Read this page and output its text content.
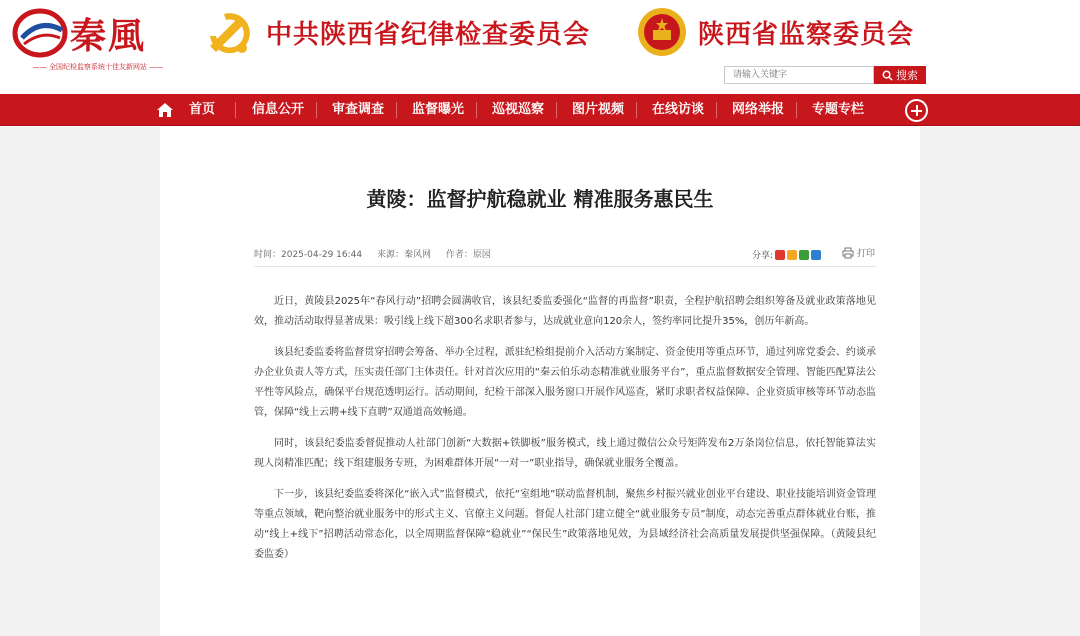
秦風
—— 全国纪检监察系统十佳友新网站 ——
中共陕西省纪律检查委员会	陕西省监察委员会
请输入关键字
搜索
首页	信息公开 审查调查 监督曝光 巡视巡察 图片视频 在线访谈 网络举报 专题专栏
黄陵：监督护航稳就业 精准服务惠民生
时间：2025-04-29 16:44 来源：秦风网 作者：原园	分享:	打印

近日，黄陵县2025年“春风行动”招聘会圆满收官，该县纪委监委强化“监督的再监督”职责，全程护航招聘会组织筹备及就业政策落地见效，推动活动取得显著成果：吸引线上线下超300名求职者参与，达成就业意向120余人，签约率同比提升35%，创历年新高。

该县纪委监委将监督贯穿招聘会筹备、举办全过程，派驻纪检组提前介入活动方案制定、资金使用等重点环节，通过列席党委会、约谈承办企业负责人等方式，压实责任部门主体责任。针对首次应用的“秦云伯乐动态精准就业服务平台”，重点监督数据安全管理、智能匹配算法公平性等风险点，确保平台规范透明运行。活动期间，纪检干部深入服务窗口开展作风巡查，紧盯求职者权益保障、企业资质审核等环节动态监管，保障“线上云聘+线下直聘”双通道高效畅通。

同时，该县纪委监委督促推动人社部门创新“大数据+铁脚板”服务模式，线上通过微信公众号矩阵发布2万条岗位信息，依托智能算法实现人岗精准匹配；线下组建服务专班，为困难群体开展“一对一”职业指导，确保就业服务全覆盖。

下一步，该县纪委监委将深化“嵌入式”监督模式，依托“室组地”联动监督机制，聚焦乡村振兴就业创业平台建设、职业技能培训资金管理等重点领域，靶向整治就业服务中的形式主义、官僚主义问题。督促人社部门建立健全“就业服务专员”制度，动态完善重点群体就业台账，推动“线上+线下”招聘活动常态化，以全周期监督保障“稳就业”“保民生”政策落地见效，为县域经济社会高质量发展提供坚强保障。（黄陵县纪委监委）
